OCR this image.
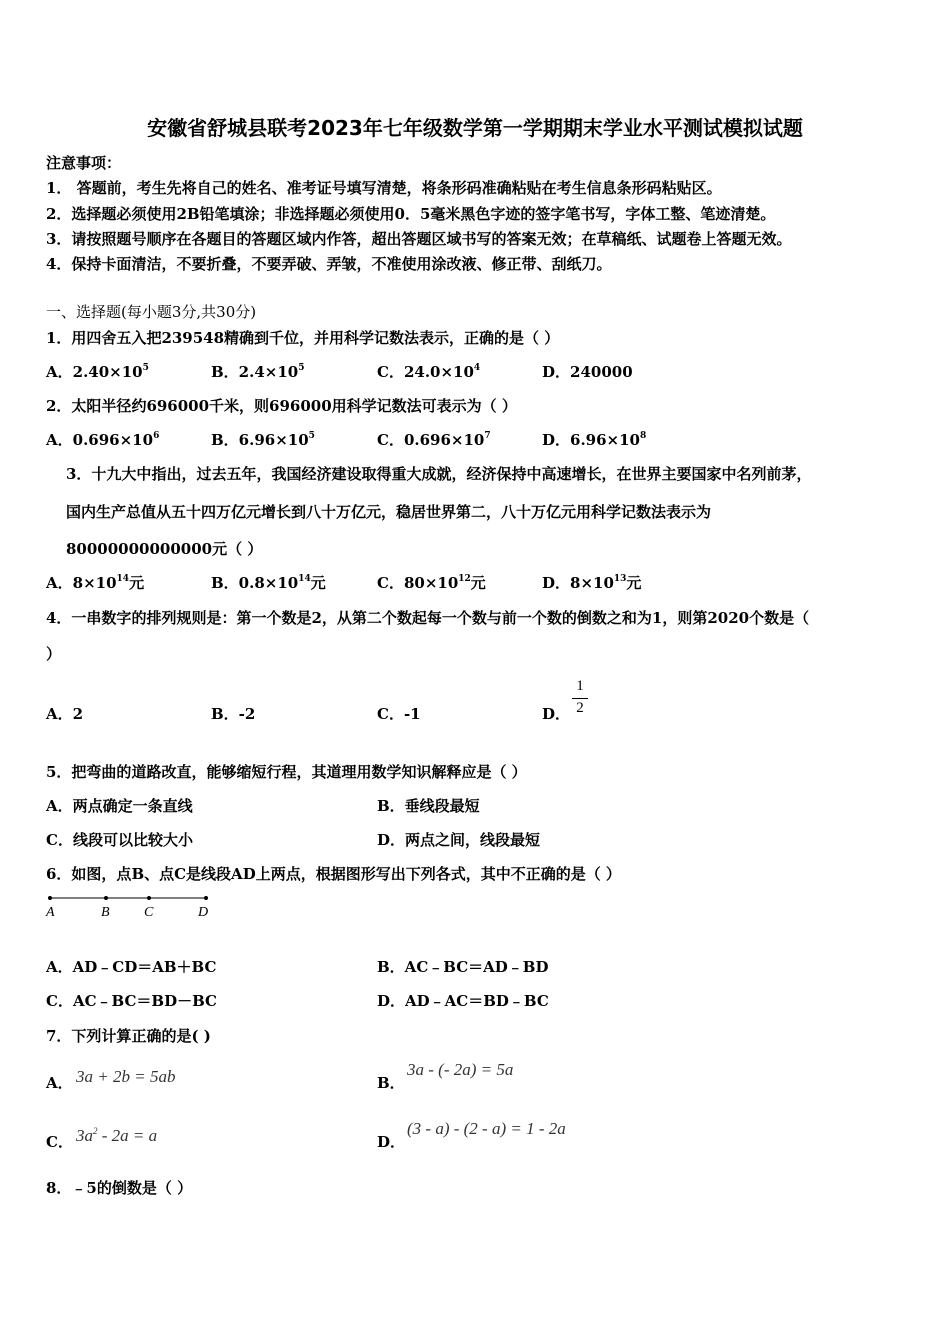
安徽省舒城县联考2023年七年级数学第一学期期末学业水平测试模拟试题
注意事项：
1． 答题前，考生先将自己的姓名、准考证号填写清楚，将条形码准确粘贴在考生信息条形码粘贴区。
2．选择题必须使用2B铅笔填涂；非选择题必须使用0．5毫米黑色字迹的签字笔书写，字体工整、笔迹清楚。
3．请按照题号顺序在各题目的答题区域内作答，超出答题区域书写的答案无效；在草稿纸、试题卷上答题无效。
4．保持卡面清洁，不要折叠，不要弄破、弄皱，不准使用涂改液、修正带、刮纸刀。
一、选择题(每小题3分,共30分)
1．用四舍五入把239548精确到千位，并用科学记数法表示，正确的是（ ）
A．$2.40\times 10^5$	B．$2.4\times 10^5$	C．$24.0\times 10^4$	D．240000
2．太阳半径约696000千米，则696000用科学记数法可表示为（ ）
A．$0.696\times 10^6$	B．$6.96\times 10^5$	C．$0.696\times 10^7$	D．$6.96\times 10^8$
3．十九大中指出，过去五年，我国经济建设取得重大成就，经济保持中高速增长，在世界主要国家中名列前茅，
国内生产总值从五十四万亿元增长到八十万亿元，稳居世界第二，八十万亿元用科学记数法表示为
80000000000000元（ ）
A．$8\times 10^{14}$元	B．$0.8\times 10^{14}$元	C．$80\times 10^{12}$元	D．$8\times 10^{13}$元
4．一串数字的排列规则是：第一个数是2，从第二个数起每一个数与前一个数的倒数之和为1，则第2020个数是（
）
A．2	B．-2	C．-1	D．
1
2
5．把弯曲的道路改直，能够缩短行程，其道理用数学知识解释应是（ ）
A．两点确定一条直线	B．垂线段最短
C．线段可以比较大小	D．两点之间，线段最短
6．如图，点B、点C是线段AD上两点，根据图形写出下列各式，其中不正确的是（ ）
A	B C	D
A．AD﹣CD＝AB＋BC	B．AC﹣BC＝AD﹣BD
C．AC﹣BC＝BD－BC	D．AD﹣AC＝BD﹣BC
7．下列计算正确的是( )
A． 3a + 2b = 5ab	B．
3a - (- 2a) = 5a
C． $3a^2 - 2a = a$	D．
(3 - a) - (2 - a) = 1 - 2a
8．﹣5的倒数是（ ）
